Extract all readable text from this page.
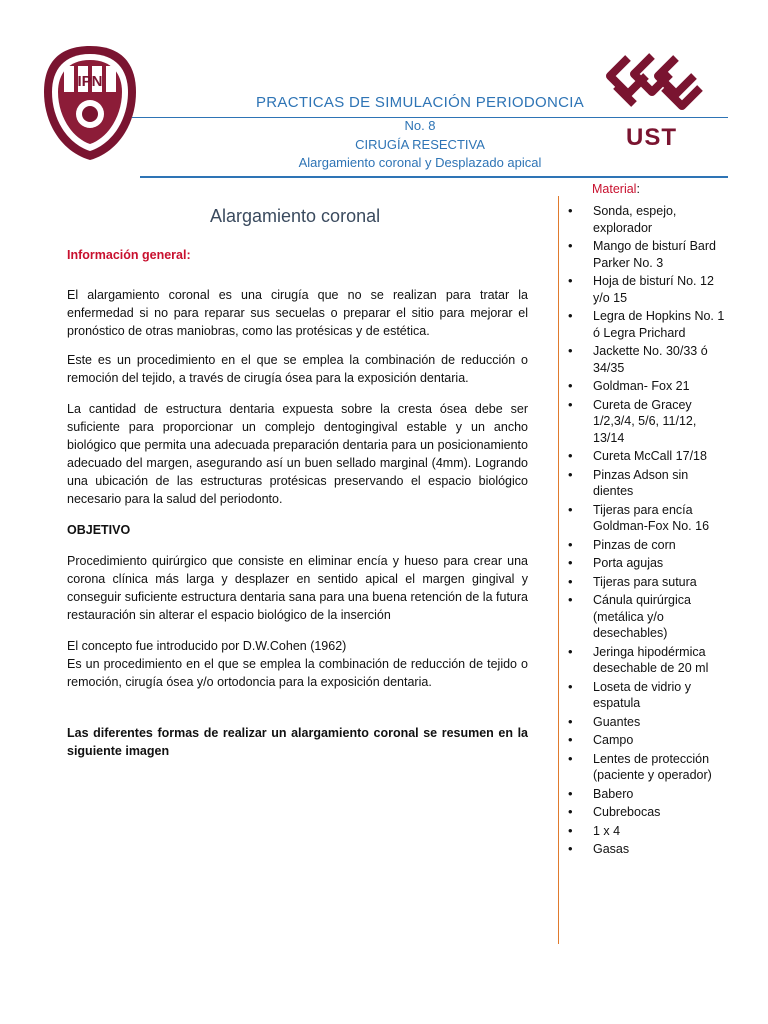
IPN
UST
PRACTICAS DE SIMULACIÓN PERIODONCIA
No. 8
CIRUGÍA RESECTIVA
Alargamiento coronal y Desplazado apical
Alargamiento coronal
Información general:
El alargamiento coronal es una cirugía que no se realizan para tratar la enfermedad si no para reparar sus secuelas o preparar el sitio para mejorar el pronóstico de otras maniobras, como las protésicas y de estética.
Este es un procedimiento en el que se emplea la combinación de reducción o remoción del tejido, a través de cirugía ósea para la exposición dentaria.
La cantidad de estructura dentaria expuesta sobre la cresta ósea debe ser suficiente para proporcionar un complejo dentogingival estable y un ancho biológico que permita una adecuada preparación dentaria para un posicionamiento adecuado del margen, asegurando así un buen sellado marginal (4mm). Logrando una ubicación de las estructuras protésicas preservando el espacio biológico necesario para la salud del periodonto.
OBJETIVO
Procedimiento quirúrgico que consiste en eliminar encía y hueso para crear una corona clínica más larga y desplazer en sentido apical el margen gingival y conseguir suficiente estructura dentaria sana para una buena retención de la futura restauración sin alterar el espacio biológico de la inserción
El concepto fue introducido por D.W.Cohen (1962)
Es un procedimiento en el que se emplea la combinación de reducción de tejido o remoción, cirugía ósea y/o ortodoncia para la exposición dentaria.
Las diferentes formas de realizar un alargamiento coronal se resumen en la siguiente imagen
Material:
• Sonda, espejo, explorador
• Mango de bisturí Bard Parker No. 3
• Hoja de bisturí No. 12 y/o 15
• Legra de Hopkins No. 1 ó Legra Prichard
• Jackette No. 30/33 ó 34/35
• Goldman- Fox 21
• Cureta de Gracey 1/2,3/4, 5/6, 11/12, 13/14
• Cureta McCall 17/18
• Pinzas Adson sin dientes
• Tijeras para encía Goldman-Fox No. 16
• Pinzas de corn
• Porta agujas
• Tijeras para sutura
• Cánula quirúrgica (metálica y/o desechables)
• Jeringa hipodérmica desechable de 20 ml
• Loseta de vidrio y espatula
• Guantes
• Campo
• Lentes de protección (paciente y operador)
• Babero
• Cubrebocas
• 1 x 4
• Gasas
